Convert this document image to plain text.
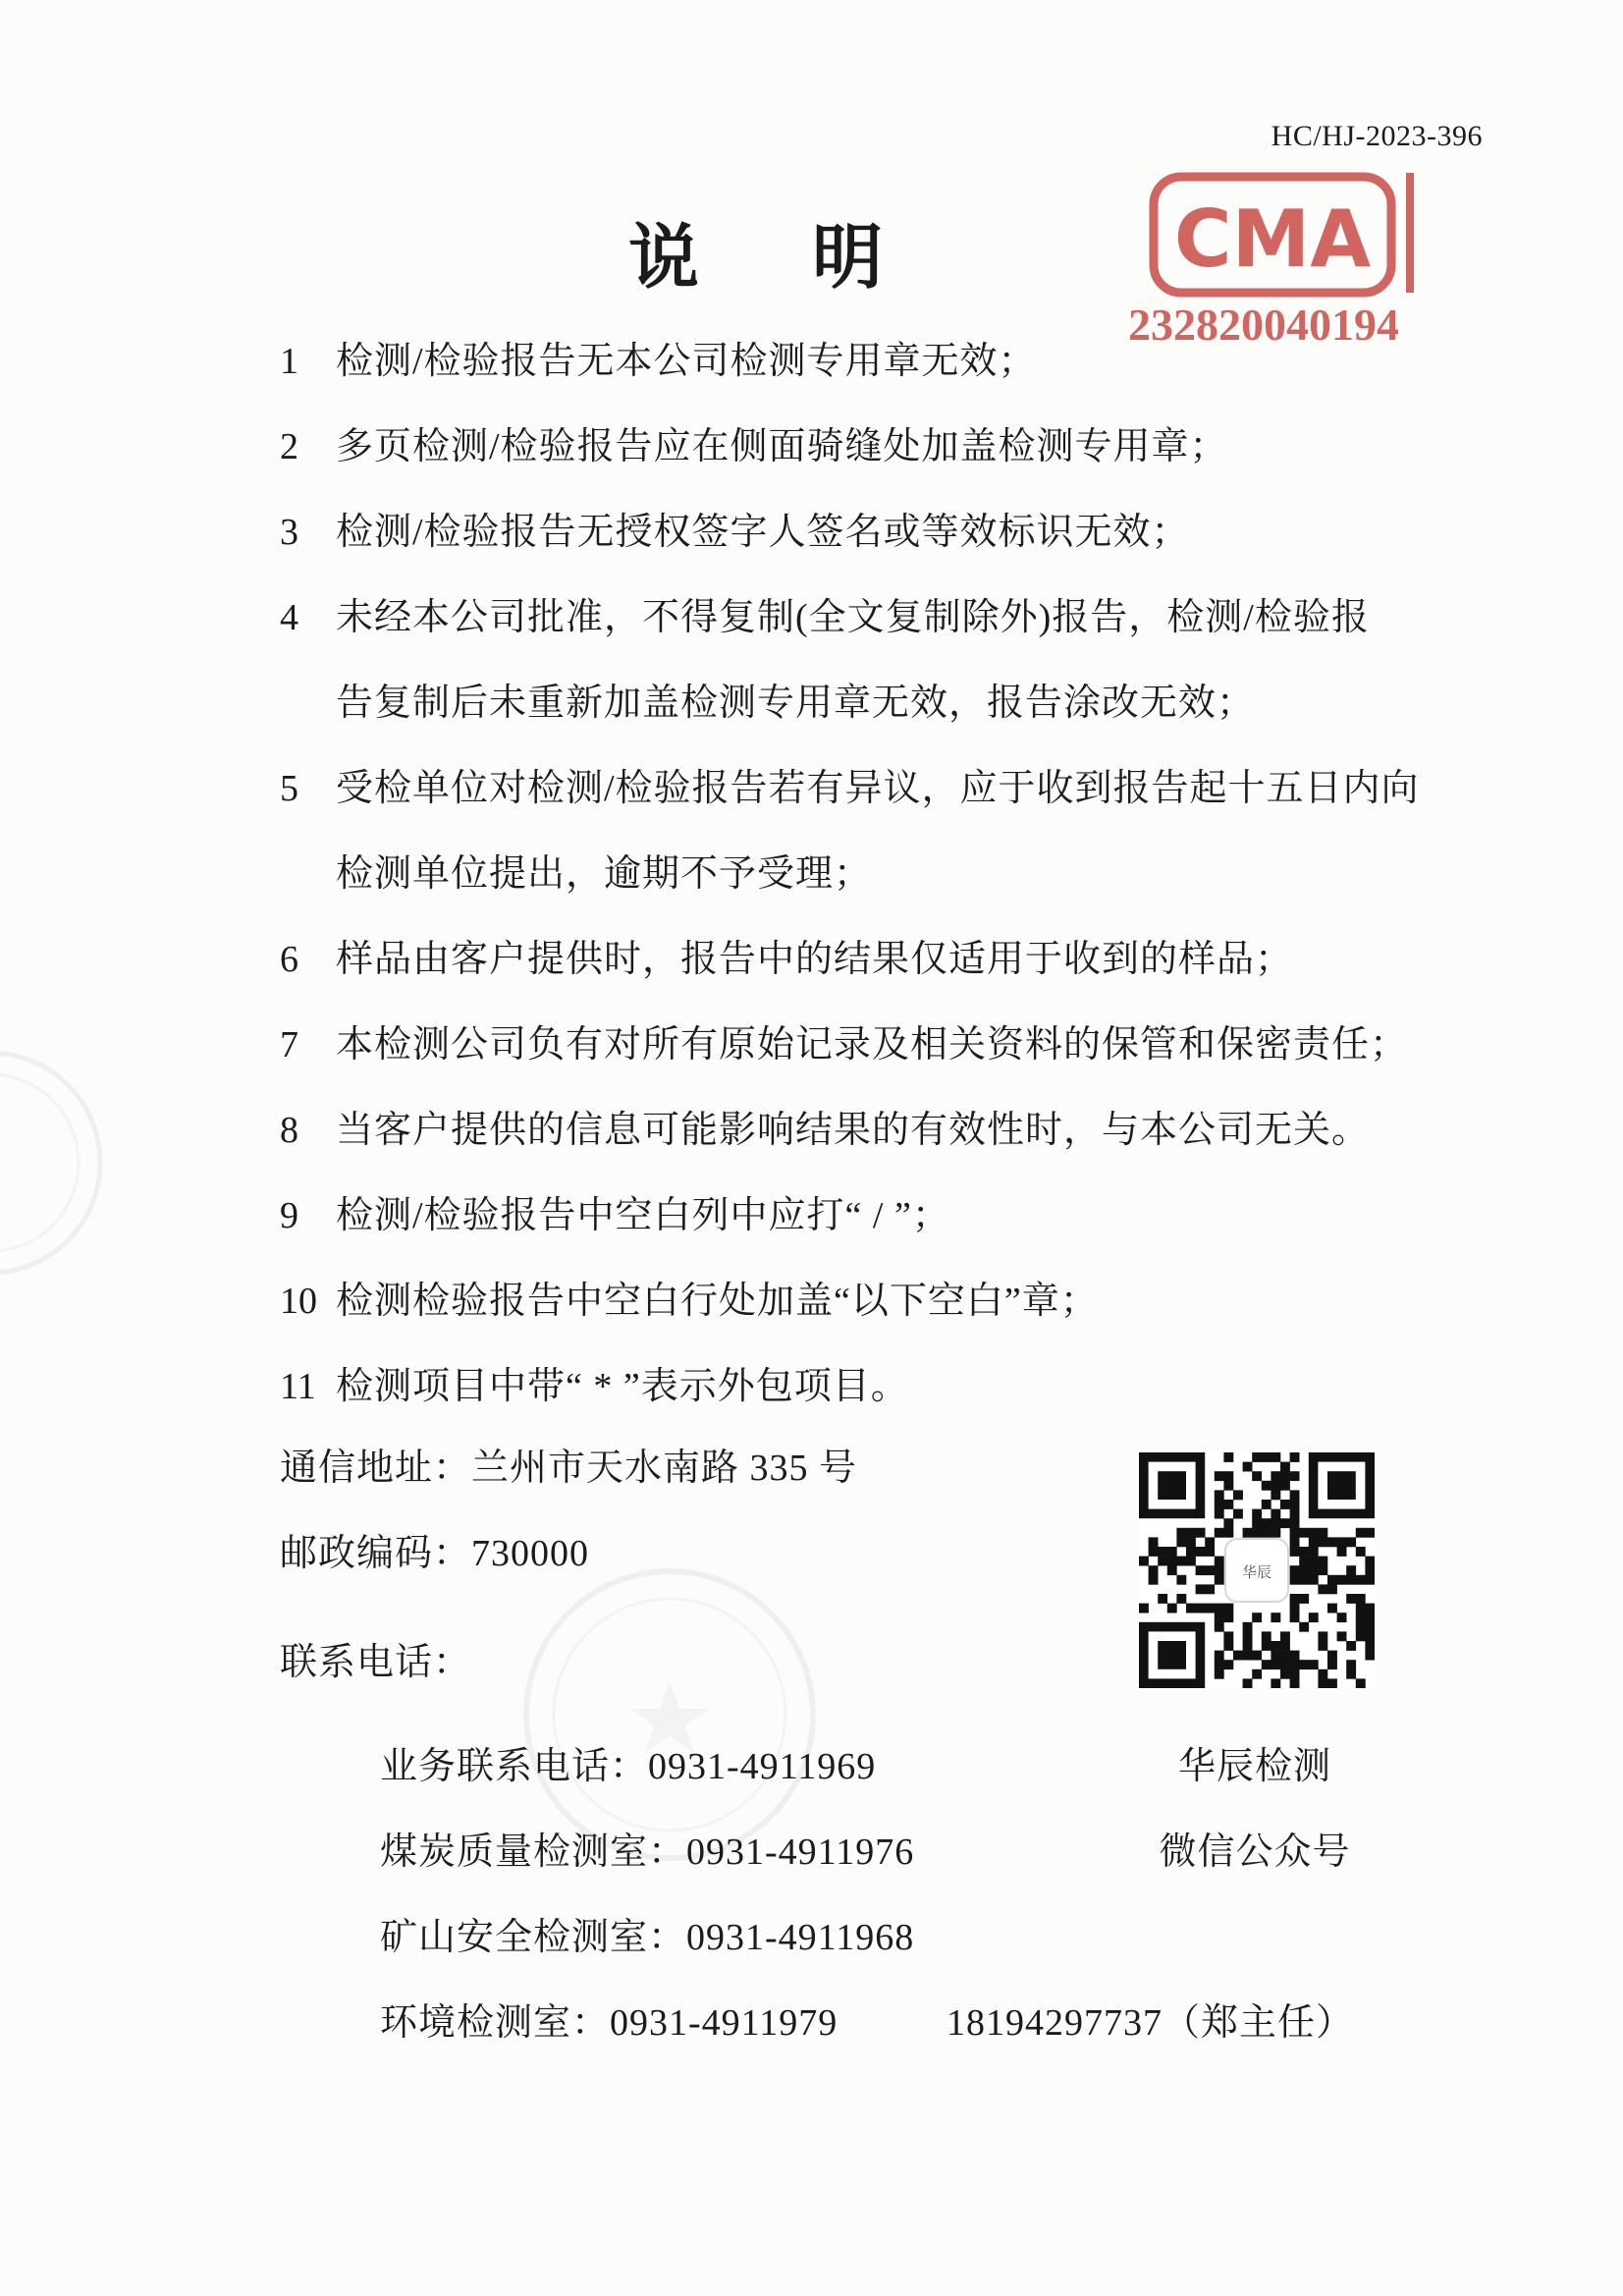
HC/HJ-2023-396
CMA
232820040194
说 明
1 检测/检验报告无本公司检测专用章无效；
2 多页检测/检验报告应在侧面骑缝处加盖检测专用章；
3 检测/检验报告无授权签字人签名或等效标识无效；
4 未经本公司批准，不得复制(全文复制除外)报告，检测/检验报
告复制后未重新加盖检测专用章无效，报告涂改无效；
5 受检单位对检测/检验报告若有异议，应于收到报告起十五日内向
检测单位提出，逾期不予受理；
6 样品由客户提供时，报告中的结果仅适用于收到的样品；
7 本检测公司负有对所有原始记录及相关资料的保管和保密责任；
8 当客户提供的信息可能影响结果的有效性时，与本公司无关。
9 检测/检验报告中空白列中应打“ / ”；
10 检测检验报告中空白行处加盖“以下空白”章；
11 检测项目中带“ * ”表示外包项目。
通信地址：兰州市天水南路 335 号
邮政编码：730000
联系电话：
业务联系电话：0931-4911969
煤炭质量检测室：0931-4911976
矿山安全检测室：0931-4911968
环境检测室：0931-4911979	18194297737（郑主任）
华辰
华辰检测
微信公众号
